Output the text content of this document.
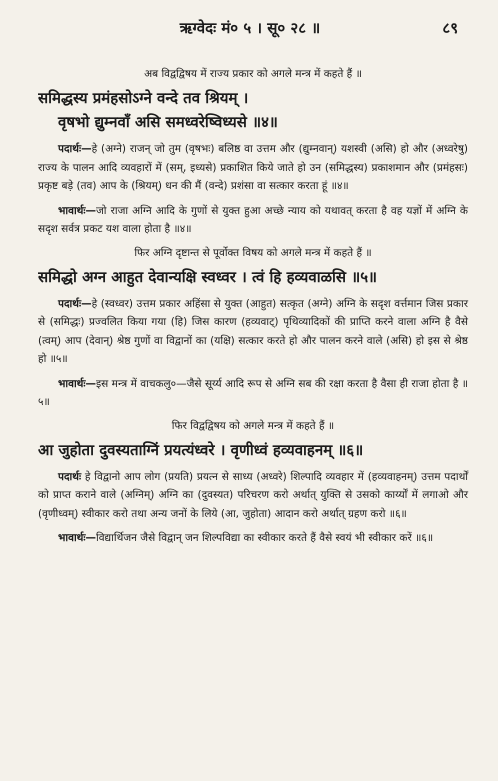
ऋग्वेदः मं० ५ । सू० २८ ॥	८९

अब विद्वद्विषय में राज्य प्रकार को अगले मन्त्र में कहते हैं ॥

समिद्धस्य प्रमंहसोऽग्ने वन्दे तव श्रियम् ।

वृषभो द्युम्नवाँ असि समध्वरेष्विध्यसे ॥४॥

पदार्थः—हे (अग्ने) राजन् जो तुम (वृषभः) बलिष्ठ वा उत्तम और (द्युम्नवान्) यशस्वी (असि) हो और (अध्वरेषु) राज्य के पालन आदि व्यवहारों में (सम्, इध्यसे) प्रकाशित किये जाते हो उन (समिद्धस्य) प्रकाशमान और (प्रमंहसः) प्रकृष्ट बड़े (तव) आप के (श्रियम्) धन की मैं (वन्दे) प्रशंसा वा सत्कार करता हूं ॥४॥

भावार्थः—जो राजा अग्नि आदि के गुणों से युक्त हुआ अच्छे न्याय को यथावत् करता है वह यज्ञों में अग्नि के सदृश सर्वत्र प्रकट यश वाला होता है ॥४॥

फिर अग्नि दृष्टान्त से पूर्वोक्त विषय को अगले मन्त्र में कहते हैं ॥

समिद्धो अग्न आहुत देवान्यक्षि स्वध्वर । त्वं हि हव्यवाळसि ॥५॥

पदार्थः—हे (स्वध्वर) उत्तम प्रकार अहिंसा से युक्त (आहुत) सत्कृत (अग्ने) अग्नि के सदृश वर्त्तमान जिस प्रकार से (समिद्धः) प्रज्वलित किया गया (हि) जिस कारण (हव्यवाट्) पृथिव्यादिकों की प्राप्ति करने वाला अग्नि है वैसे (त्वम्) आप (देवान्) श्रेष्ठ गुणों वा विद्वानों का (यक्षि) सत्कार करते हो और पालन करने वाले (असि) हो इस से श्रेष्ठ हो ॥५॥

भावार्थः—इस मन्त्र में वाचकलु०—जैसे सूर्य्य आदि रूप से अग्नि सब की रक्षा करता है वैसा ही राजा होता है ॥५॥

फिर विद्वद्विषय को अगले मन्त्र में कहते हैं ॥

आ जुहोता दुवस्यताग्निं प्रयत्यंध्वरे । वृणीध्वं हव्यवाहनम् ॥६॥

पदार्थः हे विद्वानो आप लोग (प्रयति) प्रयत्न से साध्य (अध्वरे) शिल्पादि व्यवहार में (हव्यवाहनम्) उत्तम पदार्थों को प्राप्त कराने वाले (अग्निम्) अग्नि का (दुवस्यत) परिचरण करो अर्थात् युक्ति से उसको कार्य्यों में लगाओ और (वृणीध्वम्) स्वीकार करो तथा अन्य जनों के लिये (आ, जुहोता) आदान करो अर्थात् ग्रहण करो ॥६॥

भावार्थः—विद्यार्थिजन जैसे विद्वान् जन शिल्पविद्या का स्वीकार करते हैं वैसे स्वयं भी स्वीकार करें ॥६॥
